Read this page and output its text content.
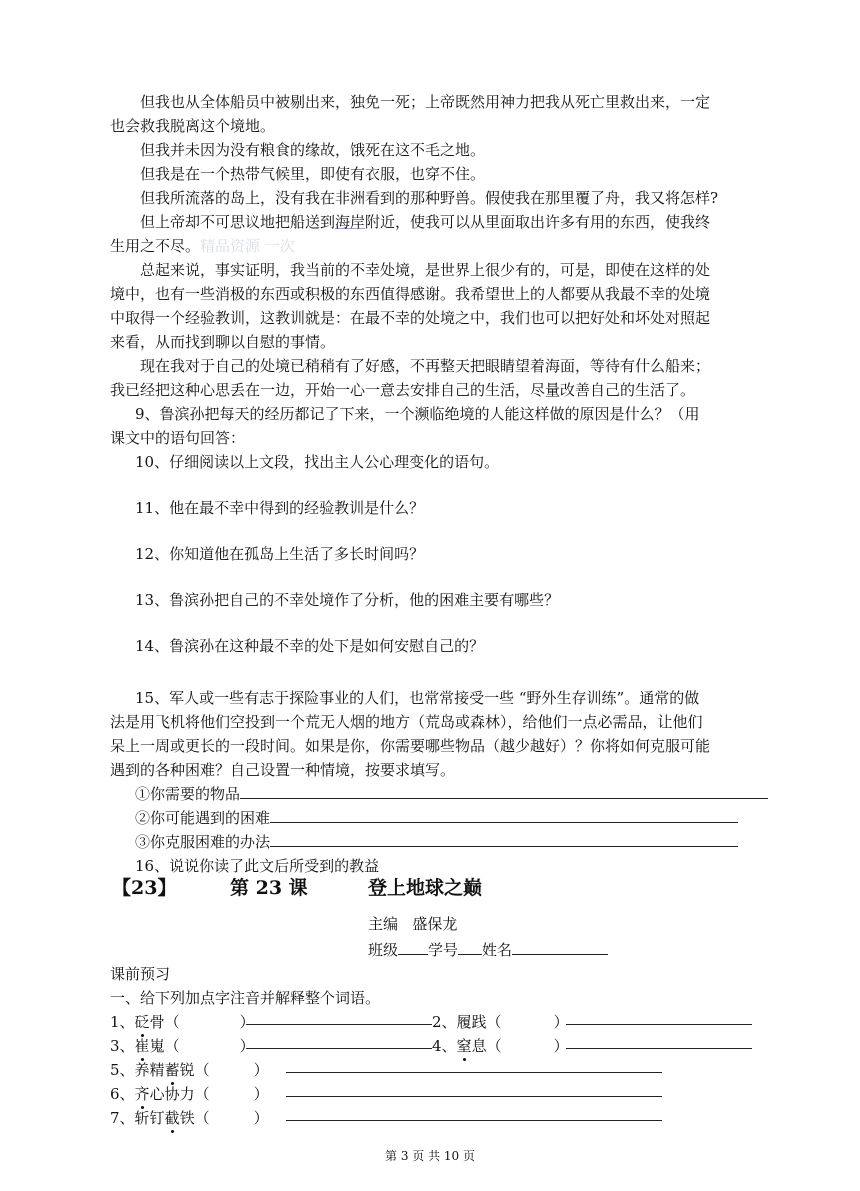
但我也从全体船员中被剔出来，独免一死；上帝既然用神力把我从死亡里救出来，一定
也会救我脱离这个境地。
但我并未因为没有粮食的缘故，饿死在这不毛之地。
但我是在一个热带气候里，即使有衣服，也穿不住。
但我所流落的岛上，没有我在非洲看到的那种野兽。假使我在那里覆了舟，我又将怎样?
但上帝却不可思议地把船送到海岸附近，使我可以从里面取出许多有用的东西，使我终
生用之不尽。精品资源 一次
总起来说，事实证明，我当前的不幸处境，是世界上很少有的，可是，即使在这样的处
境中，也有一些消极的东西或积极的东西值得感谢。我希望世上的人都要从我最不幸的处境
中取得一个经验教训，这教训就是：在最不幸的处境之中，我们也可以把好处和坏处对照起
来看，从而找到聊以自慰的事情。
现在我对于自己的处境已稍稍有了好感，不再整天把眼睛望着海面，等待有什么船来；
我已经把这种心思丢在一边，开始一心一意去安排自己的生活，尽量改善自己的生活了。
9、鲁滨孙把每天的经历都记了下来，一个濒临绝境的人能这样做的原因是什么？（用
课文中的语句回答：
10、仔细阅读以上文段，找出主人公心理变化的语句。
11、他在最不幸中得到的经验教训是什么？
12、你知道他在孤岛上生活了多长时间吗？
13、鲁滨孙把自己的不幸处境作了分析，他的困难主要有哪些？
14、鲁滨孙在这种最不幸的处下是如何安慰自己的？
15、军人或一些有志于探险事业的人们，也常常接受一些 “野外生存训练”。通常的做
法是用飞机将他们空投到一个荒无人烟的地方（荒岛或森林），给他们一点必需品，让他们
呆上一周或更长的一段时间。如果是你，你需要哪些物品（越少越好）？你将如何克服可能
遇到的各种困难？自己设置一种情境，按要求填写。
①你需要的物品
②你可能遇到的困难
③你克服困难的办法
16、说说你读了此文后所受到的教益
【23】	第 23 课	登上地球之巅
主编 盛保龙
班级 学号 姓名
课前预习
一、给下列加点字注音并解释整个词语。
1、砭骨（	）	2、履践（	）
3、崔嵬（	）	4、窒息（	）
5、养精蓄锐（	）
6、齐心协力（	）
7、斩钉截铁（	）
第 3 页 共 10 页
